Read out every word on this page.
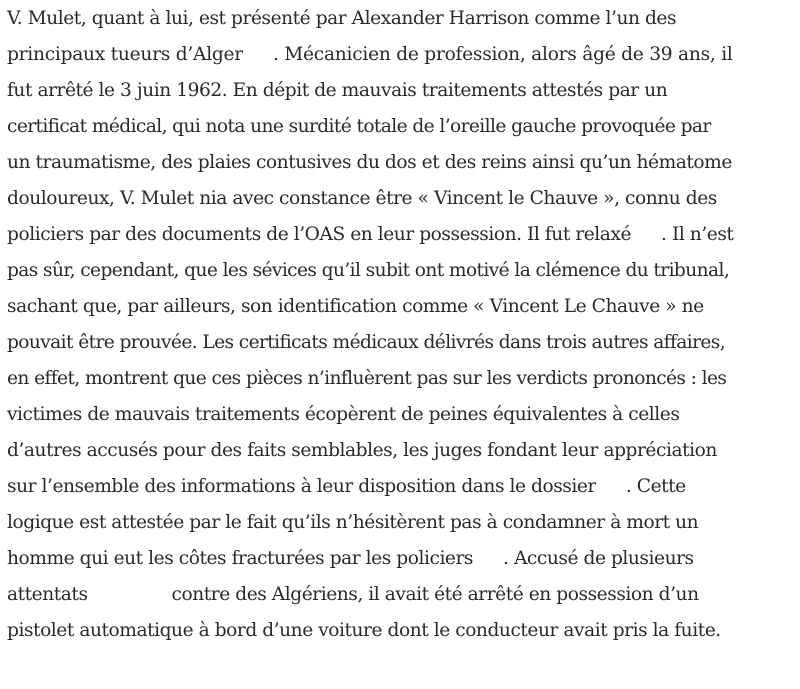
V. Mulet, quant à lui, est présenté par Alexander Harrison comme l’un des
principaux tueurs d’Alger . Mécanicien de profession, alors âgé de 39 ans, il
fut arrêté le 3 juin 1962. En dépit de mauvais traitements attestés par un
certificat médical, qui nota une surdité totale de l’oreille gauche provoquée par
un traumatisme, des plaies contusives du dos et des reins ainsi qu’un hématome
douloureux, V. Mulet nia avec constance être « Vincent le Chauve », connu des
policiers par des documents de l’OAS en leur possession. Il fut relaxé . Il n’est
pas sûr, cependant, que les sévices qu’il subit ont motivé la clémence du tribunal,
sachant que, par ailleurs, son identification comme « Vincent Le Chauve » ne
pouvait être prouvée. Les certificats médicaux délivrés dans trois autres affaires,
en effet, montrent que ces pièces n’influèrent pas sur les verdicts prononcés : les
victimes de mauvais traitements écopèrent de peines équivalentes à celles
d’autres accusés pour des faits semblables, les juges fondant leur appréciation
sur l’ensemble des informations à leur disposition dans le dossier . Cette
logique est attestée par le fait qu’ils n’hésitèrent pas à condamner à mort un
homme qui eut les côtes fracturées par les policiers . Accusé de plusieurs
attentats	contre des Algériens, il avait été arrêté en possession d’un
pistolet automatique à bord d’une voiture dont le conducteur avait pris la fuite.
